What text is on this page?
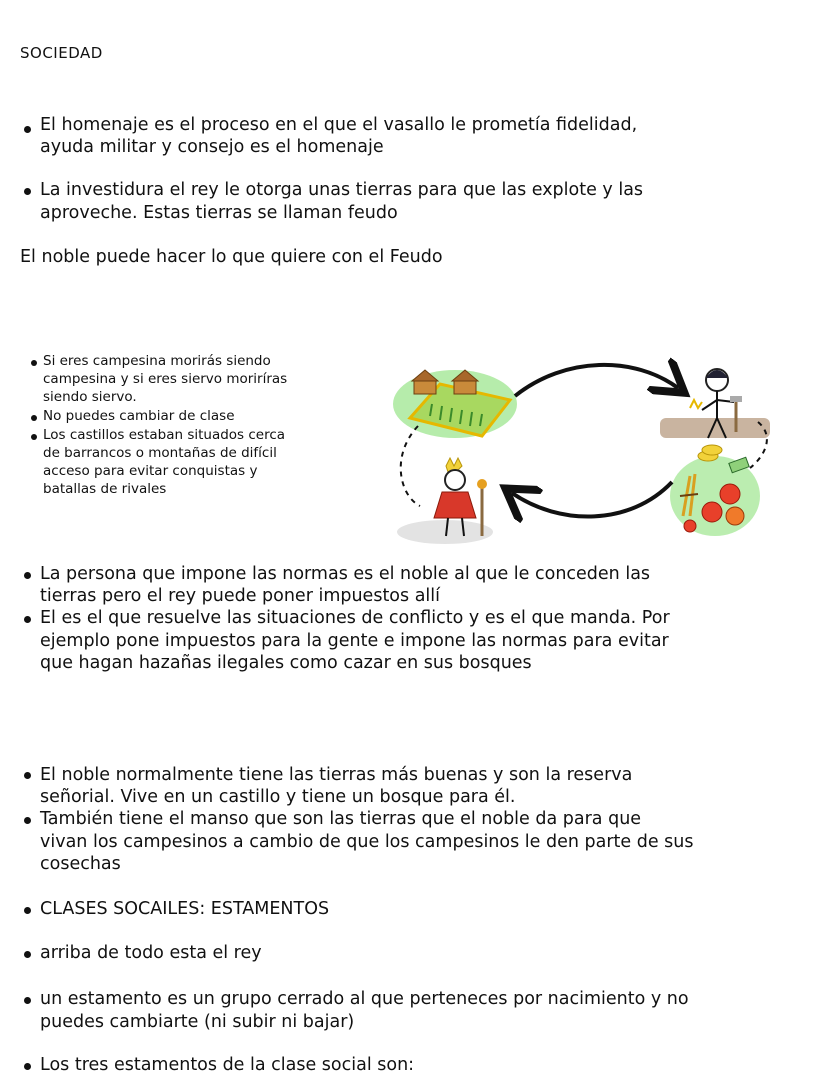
SOCIEDAD
El homenaje es el proceso en el que el vasallo le prometía fidelidad,
ayuda militar y consejo es el homenaje
La investidura el rey le otorga unas tierras para que las explote y las
aproveche. Estas tierras se llaman feudo
El noble puede hacer lo que quiere con el Feudo
Si eres campesina morirás siendo
campesina y si eres siervo moriríras
siendo siervo.
No puedes cambiar de clase
Los castillos estaban situados cerca
de barrancos o montañas de difícil
acceso para evitar conquistas y
batallas de rivales
La persona que impone las normas es el noble al que le conceden las
tierras pero el rey puede poner impuestos allí
El es el que resuelve las situaciones de conflicto y es el que manda. Por
ejemplo pone impuestos para la gente e impone las normas para evitar
que hagan hazañas ilegales como cazar en sus bosques
El noble normalmente tiene las tierras más buenas y son la reserva
señorial. Vive en un castillo y tiene un bosque para él.
También tiene el manso que son las tierras que el noble da para que
vivan los campesinos a cambio de que los campesinos le den parte de sus
cosechas
CLASES SOCAILES: ESTAMENTOS
arriba de todo esta el rey
un estamento es un grupo cerrado al que perteneces por nacimiento y no
puedes cambiarte (ni subir ni bajar)
Los tres estamentos de la clase social son:
